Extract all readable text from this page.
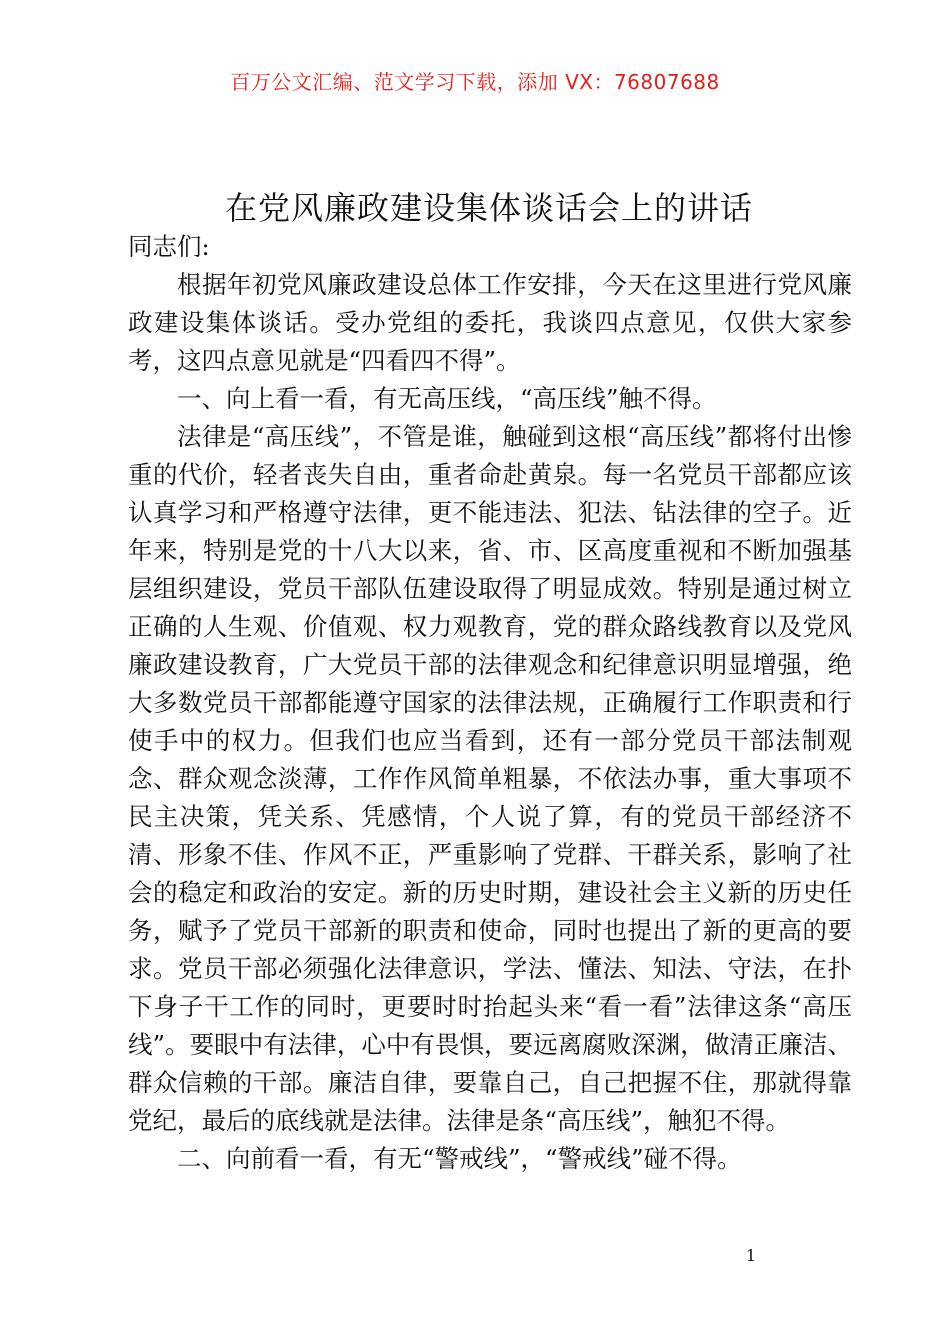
百万公文汇编、范文学习下载，添加 VX：76807688
在党风廉政建设集体谈话会上的讲话

同志们:

根据年初党风廉政建设总体工作安排，今天在这里进行党风廉政建设集体谈话。受办党组的委托，我谈四点意见，仅供大家参考，这四点意见就是“四看四不得”。

一、向上看一看，有无高压线，“高压线”触不得。

法律是“高压线”，不管是谁，触碰到这根“高压线”都将付出惨重的代价，轻者丧失自由，重者命赴黄泉。每一名党员干部都应该认真学习和严格遵守法律，更不能违法、犯法、钻法律的空子。近年来，特别是党的十八大以来，省、市、区高度重视和不断加强基层组织建设，党员干部队伍建设取得了明显成效。特别是通过树立正确的人生观、价值观、权力观教育，党的群众路线教育以及党风廉政建设教育，广大党员干部的法律观念和纪律意识明显增强，绝大多数党员干部都能遵守国家的法律法规，正确履行工作职责和行使手中的权力。但我们也应当看到，还有一部分党员干部法制观念、群众观念淡薄，工作作风简单粗暴，不依法办事，重大事项不民主决策，凭关系、凭感情，个人说了算，有的党员干部经济不清、形象不佳、作风不正，严重影响了党群、干群关系，影响了社会的稳定和政治的安定。新的历史时期，建设社会主义新的历史任务，赋予了党员干部新的职责和使命，同时也提出了新的更高的要求。党员干部必须强化法律意识，学法、懂法、知法、守法，在扑下身子干工作的同时，更要时时抬起头来“看一看”法律这条“高压线”。要眼中有法律，心中有畏惧，要远离腐败深渊，做清正廉洁、群众信赖的干部。廉洁自律，要靠自己，自己把握不住，那就得靠党纪，最后的底线就是法律。法律是条“高压线”，触犯不得。

二、向前看一看，有无“警戒线”，“警戒线”碰不得。

1
